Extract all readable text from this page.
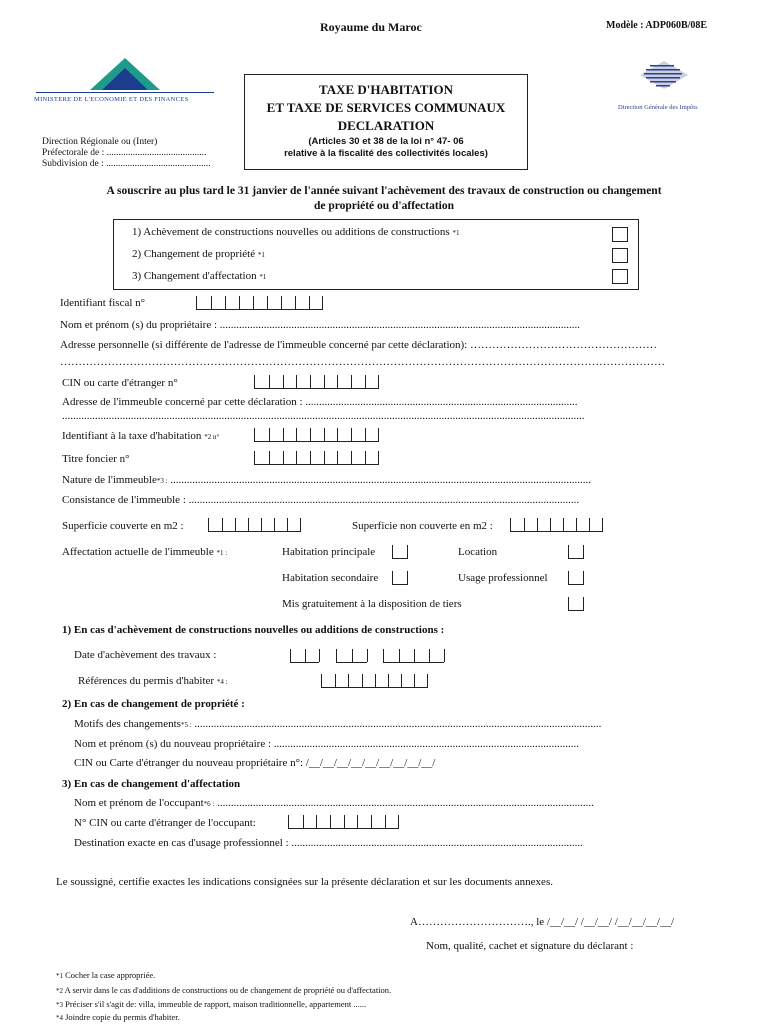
Royaume du Maroc	Modèle : ADP060B/08E
MINISTERE DE L'ECONOMIE ET DES FINANCES
Direction Générale des Impôts
TAXE D'HABITATION
ET TAXE DE SERVICES COMMUNAUX
DECLARATION
(Articles 30 et 38 de la loi n° 47- 06
relative à la fiscalité des collectivités locales)
Direction Régionale ou (Inter)
Préfectorale de : ..........................................
Subdivision de : ............................................
A souscrire au plus tard le 31 janvier de l'année suivant l'achèvement des travaux de construction ou changement
de propriété ou d'affectation
1) Achèvement de constructions nouvelles ou additions de constructions *1
2) Changement de propriété *1
3) Changement d'affectation *1
Identifiant fiscal n°
Nom et prénom (s) du propriétaire : ...................................................................................................................................
Adresse personnelle (si différente de l'adresse de l'immeuble concerné par cette déclaration): ……………………………………………
…………………………………………………………………………………………………………………………………………………
CIN ou carte d'étranger n°
Adresse de l'immeuble concerné par cette déclaration : ...................................................................................................
..............................................................................................................................................................................................
Identifiant à la taxe d'habitation *2 n°
Titre foncier n°
Nature de l'immeuble*3 : .........................................................................................................................................................
Consistance de l'immeuble : ..............................................................................................................................................
Superficie couverte en m2 :	Superficie non couverte en m2 :
Affectation actuelle de l'immeuble *1 :	Habitation principale	Location
Habitation secondaire	Usage professionnel
Mis gratuitement à la disposition de tiers
1) En cas d'achèvement de constructions nouvelles ou additions de constructions :
Date d'achèvement des travaux :
Références du permis d'habiter *4 :
2) En cas de changement de propriété :
Motifs des changements*5 : ....................................................................................................................................................
Nom et prénom (s) du nouveau propriétaire : ...............................................................................................................
CIN ou Carte d'étranger du nouveau propriétaire n°: /__/__/__/__/__/__/__/__/__/
3) En cas de changement d'affectation
Nom et prénom de l'occupant*6 : .........................................................................................................................................
N° CIN ou carte d'étranger de l'occupant:
Destination exacte en cas d'usage professionnel : ..........................................................................................................
Le soussigné, certifie exactes les indications consignées sur la présente déclaration et sur les documents annexes.
A…………………………., le /__/__/ /__/__/ /__/__/__/__/
Nom, qualité, cachet et signature du déclarant :
*1 Cocher la case appropriée.
*2 A servir dans le cas d'additions de constructions ou de changement de propriété ou d'affectation.
*3 Préciser s'il s'agit de: villa, immeuble de rapport, maison traditionnelle, appartement ......
*4 Joindre copie du permis d'habiter.
